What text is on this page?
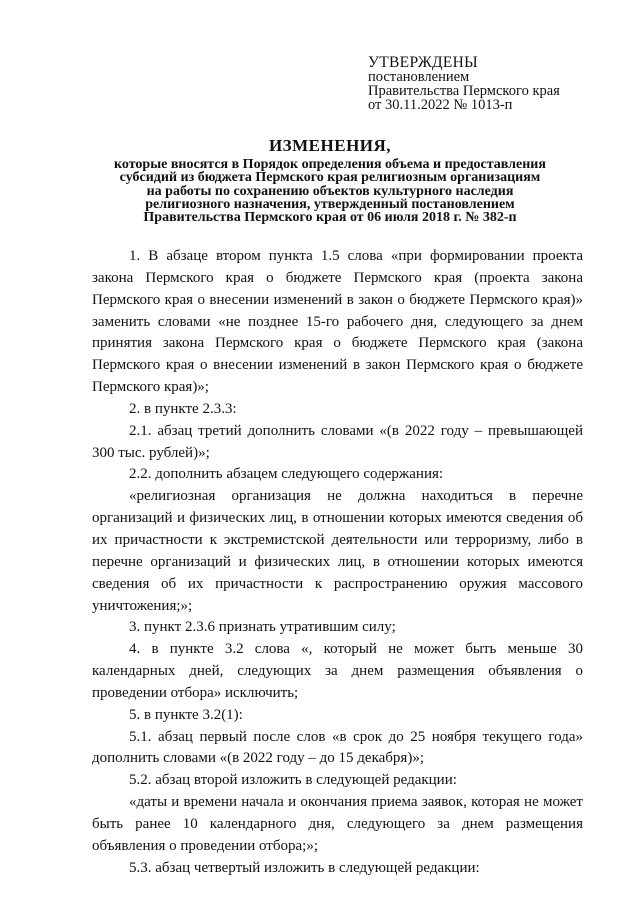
УТВЕРЖДЕНЫ
постановлением
Правительства Пермского края
от 30.11.2022 № 1013-п
ИЗМЕНЕНИЯ,
которые вносятся в Порядок определения объема и предоставления
субсидий из бюджета Пермского края религиозным организациям
на работы по сохранению объектов культурного наследия
религиозного назначения, утвержденный постановлением
Правительства Пермского края от 06 июля 2018 г. № 382-п
1. В абзаце втором пункта 1.5 слова «при формировании проекта закона Пермского края о бюджете Пермского края (проекта закона Пермского края о внесении изменений в закон о бюджете Пермского края)» заменить словами «не позднее 15-го рабочего дня, следующего за днем принятия закона Пермского края о бюджете Пермского края (закона Пермского края о внесении изменений в закон Пермского края о бюджете Пермского края)»;
2. в пункте 2.3.3:
2.1. абзац третий дополнить словами «(в 2022 году – превышающей 300 тыс. рублей)»;
2.2. дополнить абзацем следующего содержания:
«религиозная организация не должна находиться в перечне организаций и физических лиц, в отношении которых имеются сведения об их причастности к экстремистской деятельности или терроризму, либо в перечне организаций и физических лиц, в отношении которых имеются сведения об их причастности к распространению оружия массового уничтожения;»;
3. пункт 2.3.6 признать утратившим силу;
4. в пункте 3.2 слова «, который не может быть меньше 30 календарных дней, следующих за днем размещения объявления о проведении отбора» исключить;
5. в пункте 3.2(1):
5.1. абзац первый после слов «в срок до 25 ноября текущего года» дополнить словами «(в 2022 году – до 15 декабря)»;
5.2. абзац второй изложить в следующей редакции:
«даты и времени начала и окончания приема заявок, которая не может быть ранее 10 календарного дня, следующего за днем размещения объявления о проведении отбора;»;
5.3. абзац четвертый изложить в следующей редакции:
